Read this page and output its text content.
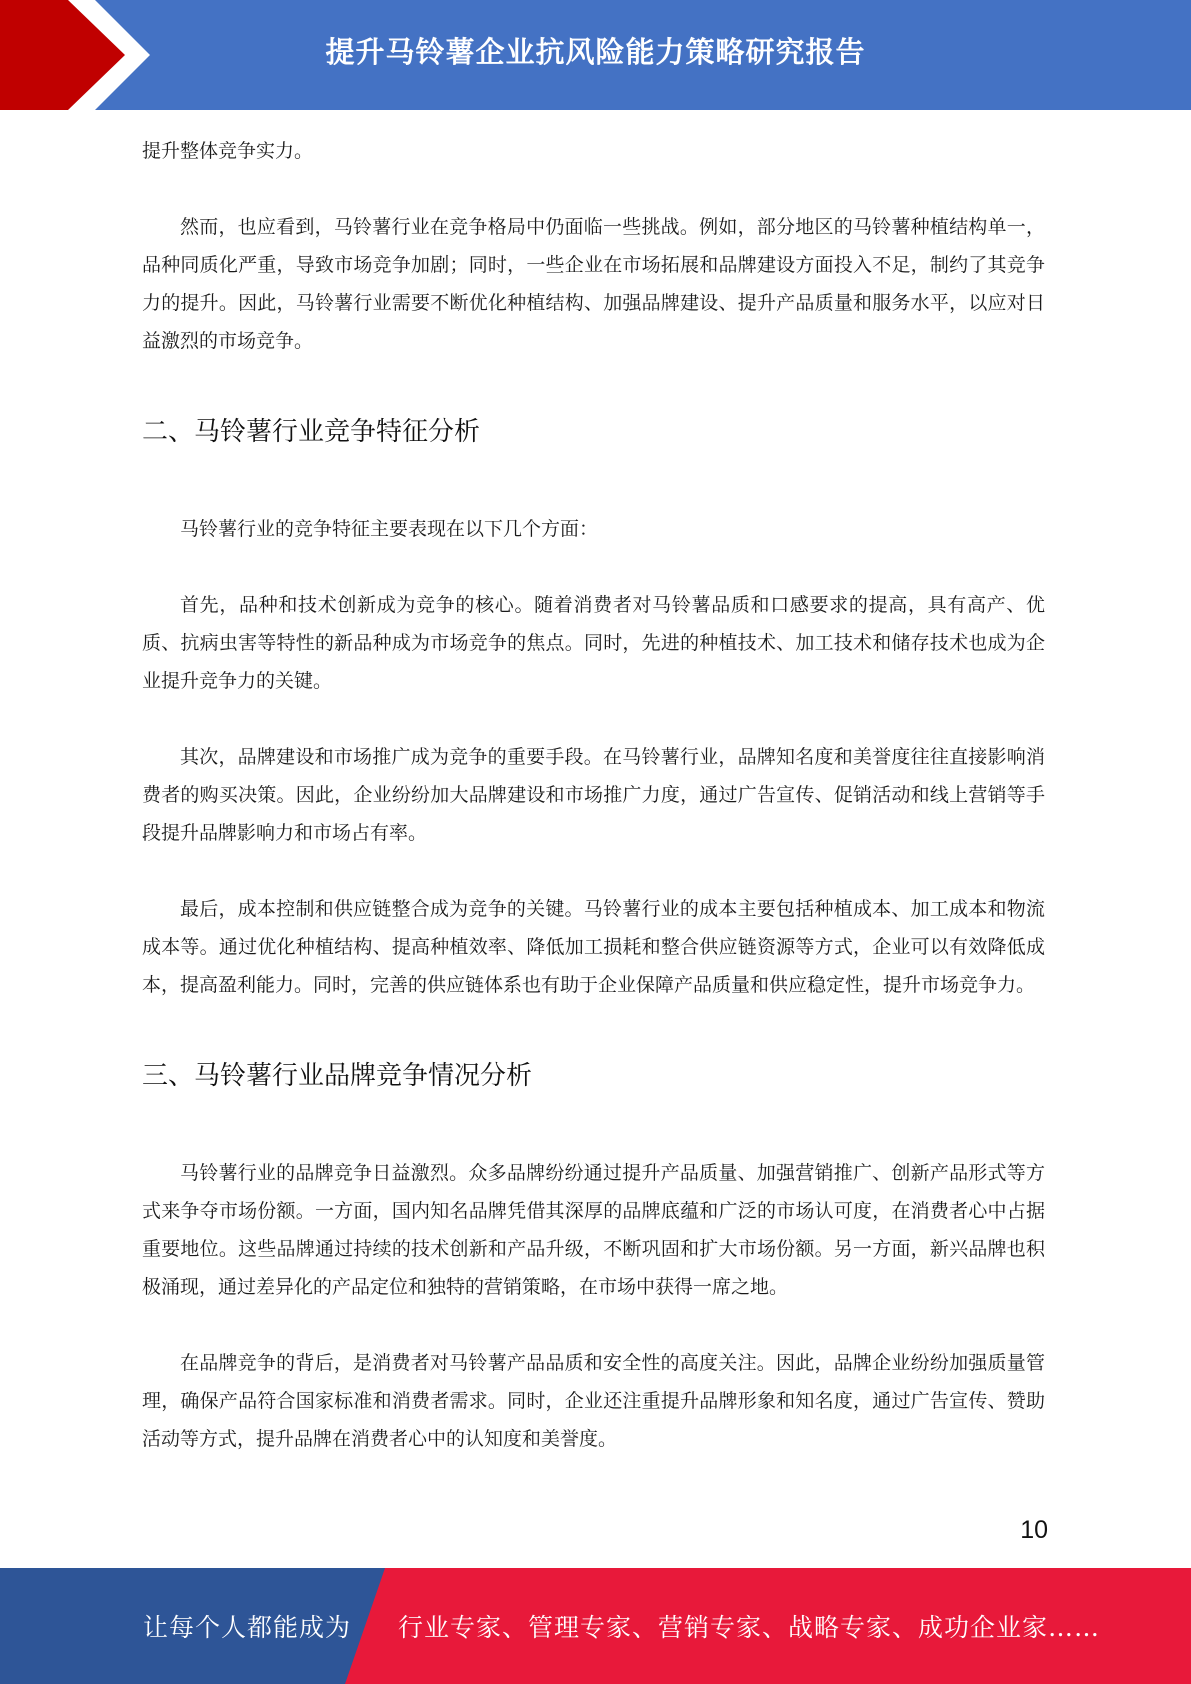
提升马铃薯企业抗风险能力策略研究报告

提升整体竞争实力。

然而，也应看到，马铃薯行业在竞争格局中仍面临一些挑战。例如，部分地区的马铃薯种植结构单一，品种同质化严重，导致市场竞争加剧；同时，一些企业在市场拓展和品牌建设方面投入不足，制约了其竞争力的提升。因此，马铃薯行业需要不断优化种植结构、加强品牌建设、提升产品质量和服务水平，以应对日益激烈的市场竞争。

二、马铃薯行业竞争特征分析

马铃薯行业的竞争特征主要表现在以下几个方面：

首先，品种和技术创新成为竞争的核心。随着消费者对马铃薯品质和口感要求的提高，具有高产、优质、抗病虫害等特性的新品种成为市场竞争的焦点。同时，先进的种植技术、加工技术和储存技术也成为企业提升竞争力的关键。

其次，品牌建设和市场推广成为竞争的重要手段。在马铃薯行业，品牌知名度和美誉度往往直接影响消费者的购买决策。因此，企业纷纷加大品牌建设和市场推广力度，通过广告宣传、促销活动和线上营销等手段提升品牌影响力和市场占有率。

最后，成本控制和供应链整合成为竞争的关键。马铃薯行业的成本主要包括种植成本、加工成本和物流成本等。通过优化种植结构、提高种植效率、降低加工损耗和整合供应链资源等方式，企业可以有效降低成本，提高盈利能力。同时，完善的供应链体系也有助于企业保障产品质量和供应稳定性，提升市场竞争力。

三、马铃薯行业品牌竞争情况分析

马铃薯行业的品牌竞争日益激烈。众多品牌纷纷通过提升产品质量、加强营销推广、创新产品形式等方式来争夺市场份额。一方面，国内知名品牌凭借其深厚的品牌底蕴和广泛的市场认可度，在消费者心中占据重要地位。这些品牌通过持续的技术创新和产品升级，不断巩固和扩大市场份额。另一方面，新兴品牌也积极涌现，通过差异化的产品定位和独特的营销策略，在市场中获得一席之地。

在品牌竞争的背后，是消费者对马铃薯产品品质和安全性的高度关注。因此，品牌企业纷纷加强质量管理，确保产品符合国家标准和消费者需求。同时，企业还注重提升品牌形象和知名度，通过广告宣传、赞助活动等方式，提升品牌在消费者心中的认知度和美誉度。

10
让每个人都能成为 行业专家、管理专家、营销专家、战略专家、成功企业家……
